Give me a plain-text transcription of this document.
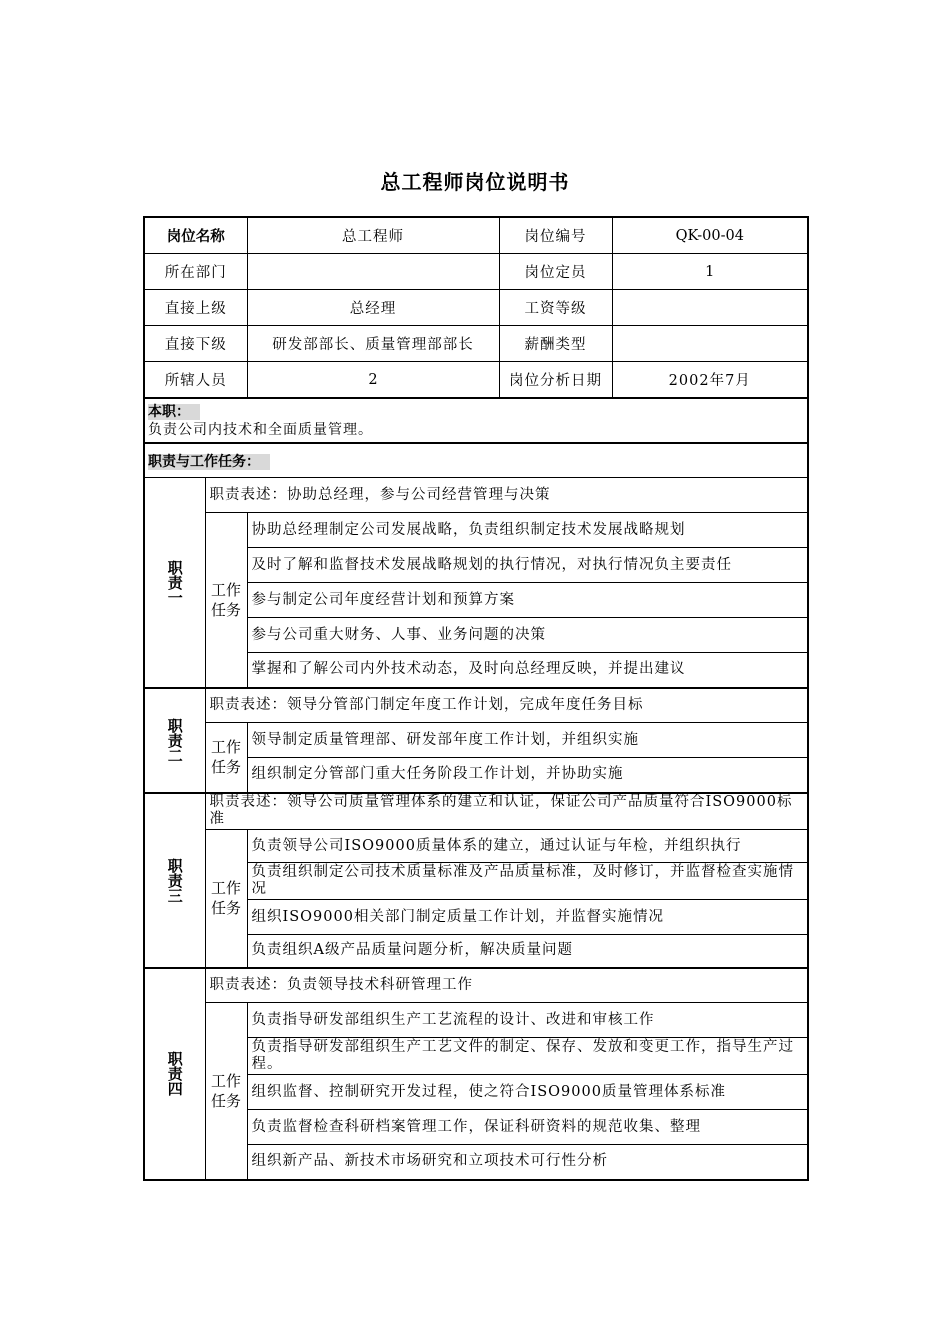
总工程师岗位说明书
岗位名称		总工程师	岗位编号	QK-00-04
所在部门			岗位定员	1
直接上级		总经理	工资等级	
直接下级		研发部部长、质量管理部部长	薪酬类型	
所辖人员		2	岗位分析日期	2002年7月

本职：
负责公司内技术和全面质量管理。				

职责与工作任务：				
职责一	职责表述：协助总经理，参与公司经营管理与决策			

	工作任务	协助总经理制定公司发展战略，负责组织制定技术发展战略规划		
		及时了解和监督技术发展战略规划的执行情况，对执行情况负主要责任		
		参与制定公司年度经营计划和预算方案		
		参与公司重大财务、人事、业务问题的决策		
		掌握和了解公司内外技术动态，及时向总经理反映，并提出建议		
职责二	职责表述：领导分管部门制定年度工作计划，完成年度任务目标			

	工作任务	领导制定质量管理部、研发部年度工作计划，并组织实施		
		组织制定分管部门重大任务阶段工作计划，并协助实施		
职责三	职责表述：领导公司质量管理体系的建立和认证，保证公司产品质量符合ISO9000标准			

	工作任务	负责领导公司ISO9000质量体系的建立，通过认证与年检，并组织执行		
		负责组织制定公司技术质量标准及产品质量标准，及时修订，并监督检查实施情况		
		组织ISO9000相关部门制定质量工作计划，并监督实施情况		
		负责组织A级产品质量问题分析，解决质量问题		
职责四	职责表述：负责领导技术科研管理工作			

	工作任务	负责指导研发部组织生产工艺流程的设计、改进和审核工作		
		负责指导研发部组织生产工艺文件的制定、保存、发放和变更工作，指导生产过程。		
		组织监督、控制研究开发过程，使之符合ISO9000质量管理体系标准		
		负责监督检查科研档案管理工作，保证科研资料的规范收集、整理		
		组织新产品、新技术市场研究和立项技术可行性分析		
